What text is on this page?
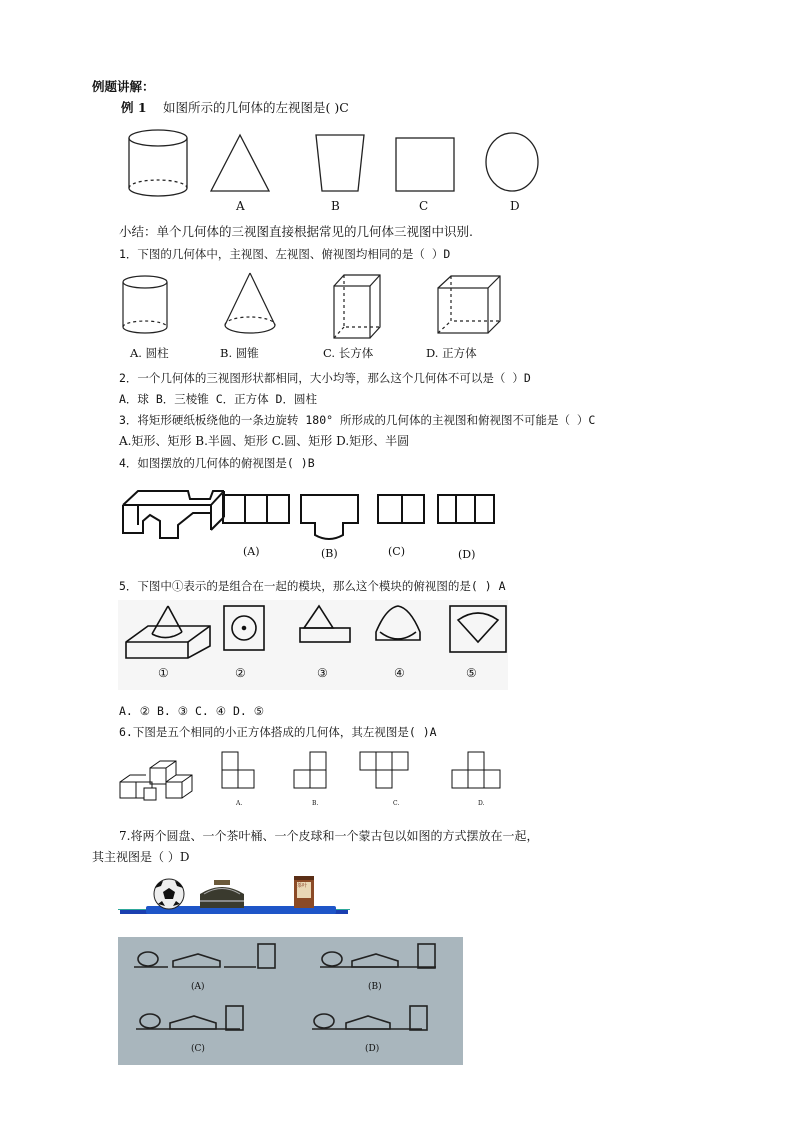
例题讲解：
例 1 如图所示的几何体的左视图是( )C
A	B	C	D
小结：单个几何体的三视图直接根据常见的几何体三视图中识别.
1．下图的几何体中，主视图、左视图、俯视图均相同的是（ ）D
A. 圆柱	B. 圆锥	C. 长方体	D. 正方体
2．一个几何体的三视图形状都相同，大小均等，那么这个几何体不可以是（ ）D
A．球 B．三棱锥 C．正方体 D．圆柱
3．将矩形硬纸板绕他的一条边旋转 180° 所形成的几何体的主视图和俯视图不可能是（ ）C
A.矩形、矩形 B.半圆、矩形 C.圆、矩形 D.矩形、半圆
4．如图摆放的几何体的俯视图是( )B
(A)	(B)	(C)	(D)
5．下图中①表示的是组合在一起的模块，那么这个模块的俯视图的是( ) A
①	②	③	④	⑤
A. ② B. ③ C. ④ D. ⑤
6.下图是五个相同的小正方体搭成的几何体，其左视图是( )A
A.	B.	C.	D.
7.将两个圆盘、一个茶叶桶、一个皮球和一个蒙古包以如图的方式摆放在一起，
其主视图是（ ）D
茶叶
(A)	(B)
(C)	(D)
